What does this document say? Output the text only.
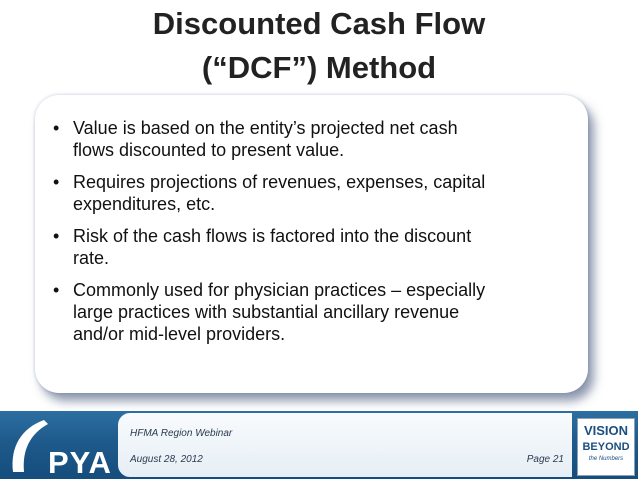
Discounted Cash Flow
(“DCF”) Method
• Value is based on the entity’s projected net cash
flows discounted to present value.
• Requires projections of revenues, expenses, capital
expenditures, etc.
• Risk of the cash flows is factored into the discount
rate.
• Commonly used for physician practices – especially
large practices with substantial ancillary revenue
and/or mid-level providers.
PYA
HFMA Region Webinar
August 28, 2012	Page 21
VISION
BEYOND
the Numbers
